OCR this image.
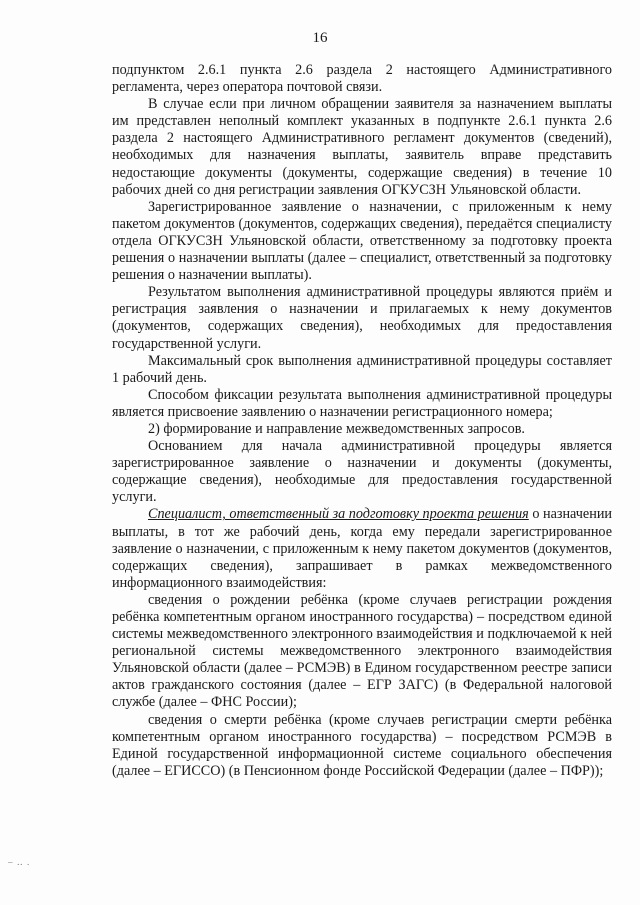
16

подпунктом 2.6.1 пункта 2.6 раздела 2 настоящего Административного регламента, через оператора почтовой связи.

В случае если при личном обращении заявителя за назначением выплаты им представлен неполный комплект указанных в подпункте 2.6.1 пункта 2.6 раздела 2 настоящего Административного регламент документов (сведений), необходимых для назначения выплаты, заявитель вправе представить недостающие документы (документы, содержащие сведения) в течение 10 рабочих дней со дня регистрации заявления ОГКУСЗН Ульяновской области.

Зарегистрированное заявление о назначении, с приложенным к нему пакетом документов (документов, содержащих сведения), передаётся специалисту отдела ОГКУСЗН Ульяновской области, ответственному за подготовку проекта решения о назначении выплаты (далее – специалист, ответственный за подготовку решения о назначении выплаты).

Результатом выполнения административной процедуры являются приём и регистрация заявления о назначении и прилагаемых к нему документов (документов, содержащих сведения), необходимых для предоставления государственной услуги.

Максимальный срок выполнения административной процедуры составляет 1 рабочий день.

Способом фиксации результата выполнения административной процедуры является присвоение заявлению о назначении регистрационного номера;

2) формирование и направление межведомственных запросов.

Основанием для начала административной процедуры является зарегистрированное заявление о назначении и документы (документы, содержащие сведения), необходимые для предоставления государственной услуги.

Специалист, ответственный за подготовку проекта решения о назначении выплаты, в тот же рабочий день, когда ему передали зарегистрированное заявление о назначении, с приложенным к нему пакетом документов (документов, содержащих сведения), запрашивает в рамках межведомственного информационного взаимодействия:

сведения о рождении ребёнка (кроме случаев регистрации рождения ребёнка компетентным органом иностранного государства) – посредством единой системы межведомственного электронного взаимодействия и подключаемой к ней региональной системы межведомственного электронного взаимодействия Ульяновской области (далее – РСМЭВ) в Едином государственном реестре записи актов гражданского состояния (далее – ЕГР ЗАГС) (в Федеральной налоговой службе (далее – ФНС России);

сведения о смерти ребёнка (кроме случаев регистрации смерти ребёнка компетентным органом иностранного государства) – посредством РСМЭВ в Единой государственной информационной системе социального обеспечения (далее – ЕГИССО) (в Пенсионном фонде Российской Федерации (далее – ПФР));

‒ ‥ .
